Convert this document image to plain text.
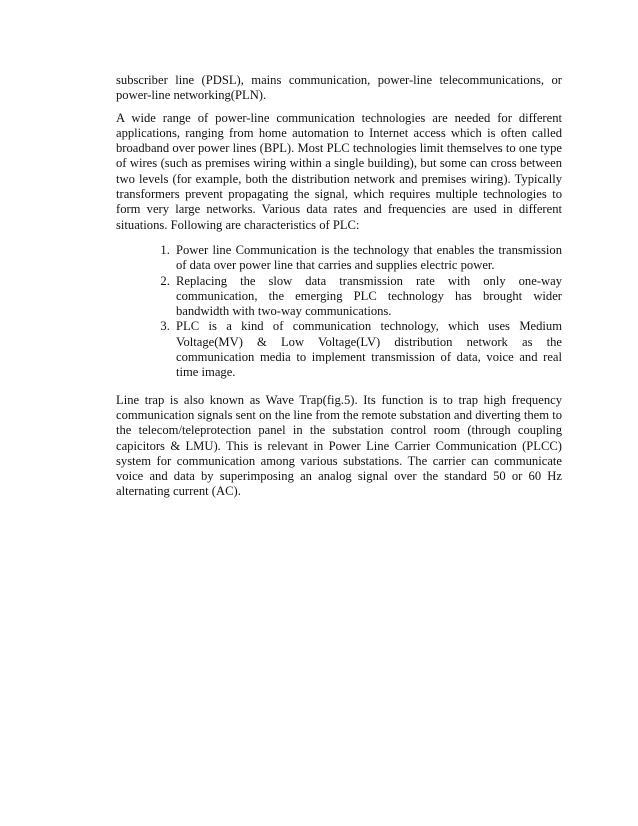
subscriber line (PDSL), mains communication, power-line telecommunications, or power-line networking(PLN).

A wide range of power-line communication technologies are needed for different applications, ranging from home automation to Internet access which is often called broadband over power lines (BPL). Most PLC technologies limit themselves to one type of wires (such as premises wiring within a single building), but some can cross between two levels (for example, both the distribution network and premises wiring). Typically transformers prevent propagating the signal, which requires multiple technologies to form very large networks. Various data rates and frequencies are used in different situations. Following are characteristics of PLC:

1. Power line Communication is the technology that enables the transmission of data over power line that carries and supplies electric power.
2. Replacing the slow data transmission rate with only one-way communication, the emerging PLC technology has brought wider bandwidth with two-way communications.
3. PLC is a kind of communication technology, which uses Medium Voltage(MV) & Low Voltage(LV) distribution network as the communication media to implement transmission of data, voice and real time image.

Line trap is also known as Wave Trap(fig.5). Its function is to trap high frequency communication signals sent on the line from the remote substation and diverting them to the telecom/teleprotection panel in the substation control room (through coupling capicitors & LMU). This is relevant in Power Line Carrier Communication (PLCC) system for communication among various substations. The carrier can communicate voice and data by superimposing an analog signal over the standard 50 or 60 Hz alternating current (AC).
